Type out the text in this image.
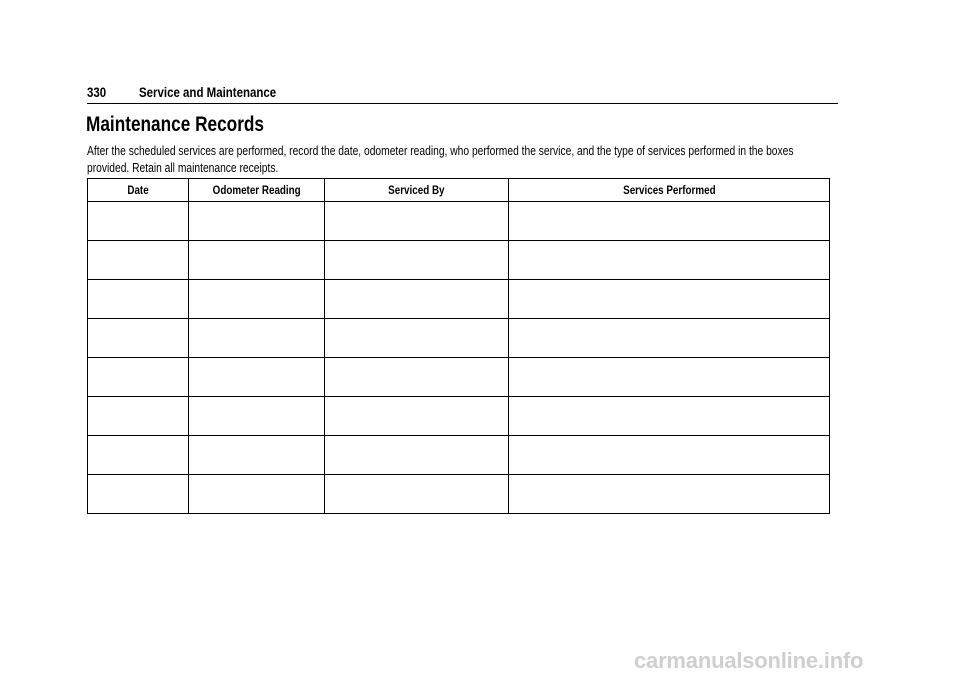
330 Service and Maintenance
Maintenance Records
After the scheduled services are performed, record the date, odometer reading, who performed the service, and the type of services performed in the boxes provided. Retain all maintenance receipts.
Date	Odometer Reading	Serviced By	Services Performed

carmanualsonline.info
